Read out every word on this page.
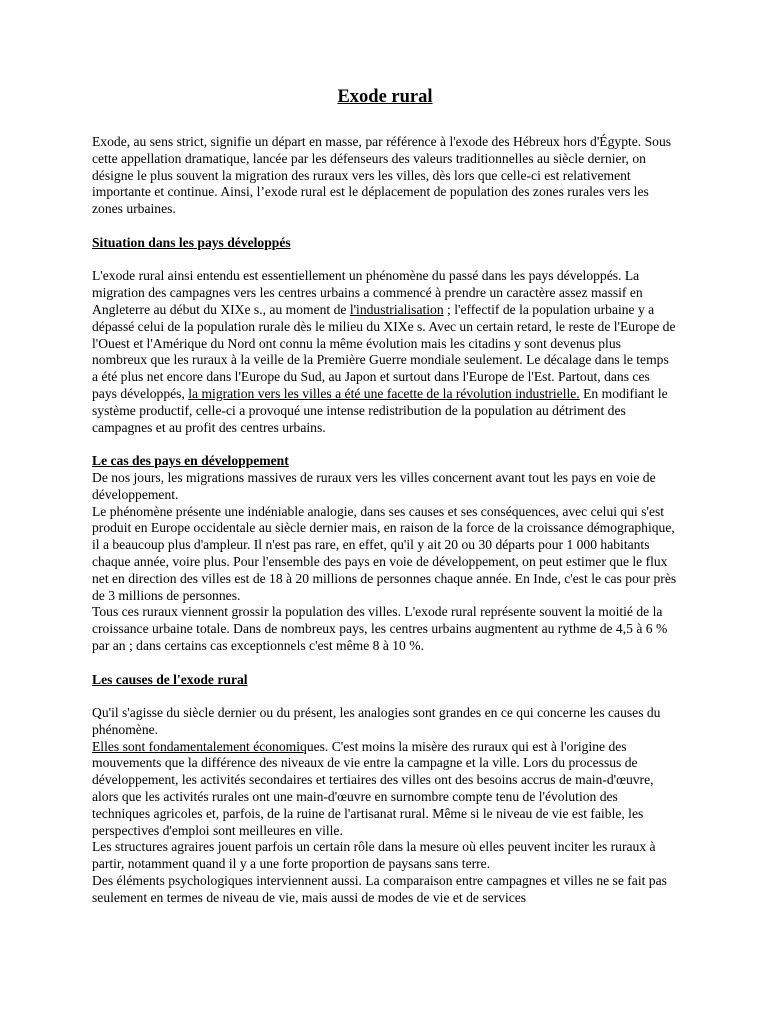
Exode rural

Exode, au sens strict, signifie un départ en masse, par référence à l'exode des Hébreux hors d'Égypte. Sous cette appellation dramatique, lancée par les défenseurs des valeurs traditionnelles au siècle dernier, on désigne le plus souvent la migration des ruraux vers les villes, dès lors que celle-ci est relativement importante et continue. Ainsi, l’exode rural est le déplacement de population des zones rurales vers les zones urbaines.

Situation dans les pays développés

L'exode rural ainsi entendu est essentiellement un phénomène du passé dans les pays développés. La migration des campagnes vers les centres urbains a commencé à prendre un caractère assez massif en Angleterre au début du XIXe s., au moment de l'industrialisation ; l'effectif de la population urbaine y a dépassé celui de la population rurale dès le milieu du XIXe s. Avec un certain retard, le reste de l'Europe de l'Ouest et l'Amérique du Nord ont connu la même évolution mais les citadins y sont devenus plus nombreux que les ruraux à la veille de la Première Guerre mondiale seulement. Le décalage dans le temps a été plus net encore dans l'Europe du Sud, au Japon et surtout dans l'Europe de l'Est. Partout, dans ces pays développés, la migration vers les villes a été une facette de la révolution industrielle. En modifiant le système productif, celle-ci a provoqué une intense redistribution de la population au détriment des campagnes et au profit des centres urbains.

Le cas des pays en développement

De nos jours, les migrations massives de ruraux vers les villes concernent avant tout les pays en voie de développement.

Le phénomène présente une indéniable analogie, dans ses causes et ses conséquences, avec celui qui s'est produit en Europe occidentale au siècle dernier mais, en raison de la force de la croissance démographique, il a beaucoup plus d'ampleur. Il n'est pas rare, en effet, qu'il y ait 20 ou 30 départs pour 1 000 habitants chaque année, voire plus. Pour l'ensemble des pays en voie de développement, on peut estimer que le flux net en direction des villes est de 18 à 20 millions de personnes chaque année. En Inde, c'est le cas pour près de 3 millions de personnes.

Tous ces ruraux viennent grossir la population des villes. L'exode rural représente souvent la moitié de la croissance urbaine totale. Dans de nombreux pays, les centres urbains augmentent au rythme de 4,5 à 6 % par an ; dans certains cas exceptionnels c'est même 8 à 10 %.

Les causes de l'exode rural

Qu'il s'agisse du siècle dernier ou du présent, les analogies sont grandes en ce qui concerne les causes du phénomène.

Elles sont fondamentalement économiques. C'est moins la misère des ruraux qui est à l'origine des mouvements que la différence des niveaux de vie entre la campagne et la ville. Lors du processus de développement, les activités secondaires et tertiaires des villes ont des besoins accrus de main-d'œuvre, alors que les activités rurales ont une main-d'œuvre en surnombre compte tenu de l'évolution des techniques agricoles et, parfois, de la ruine de l'artisanat rural. Même si le niveau de vie est faible, les perspectives d'emploi sont meilleures en ville.

Les structures agraires jouent parfois un certain rôle dans la mesure où elles peuvent inciter les ruraux à partir, notamment quand il y a une forte proportion de paysans sans terre.

Des éléments psychologiques interviennent aussi. La comparaison entre campagnes et villes ne se fait pas seulement en termes de niveau de vie, mais aussi de modes de vie et de services
